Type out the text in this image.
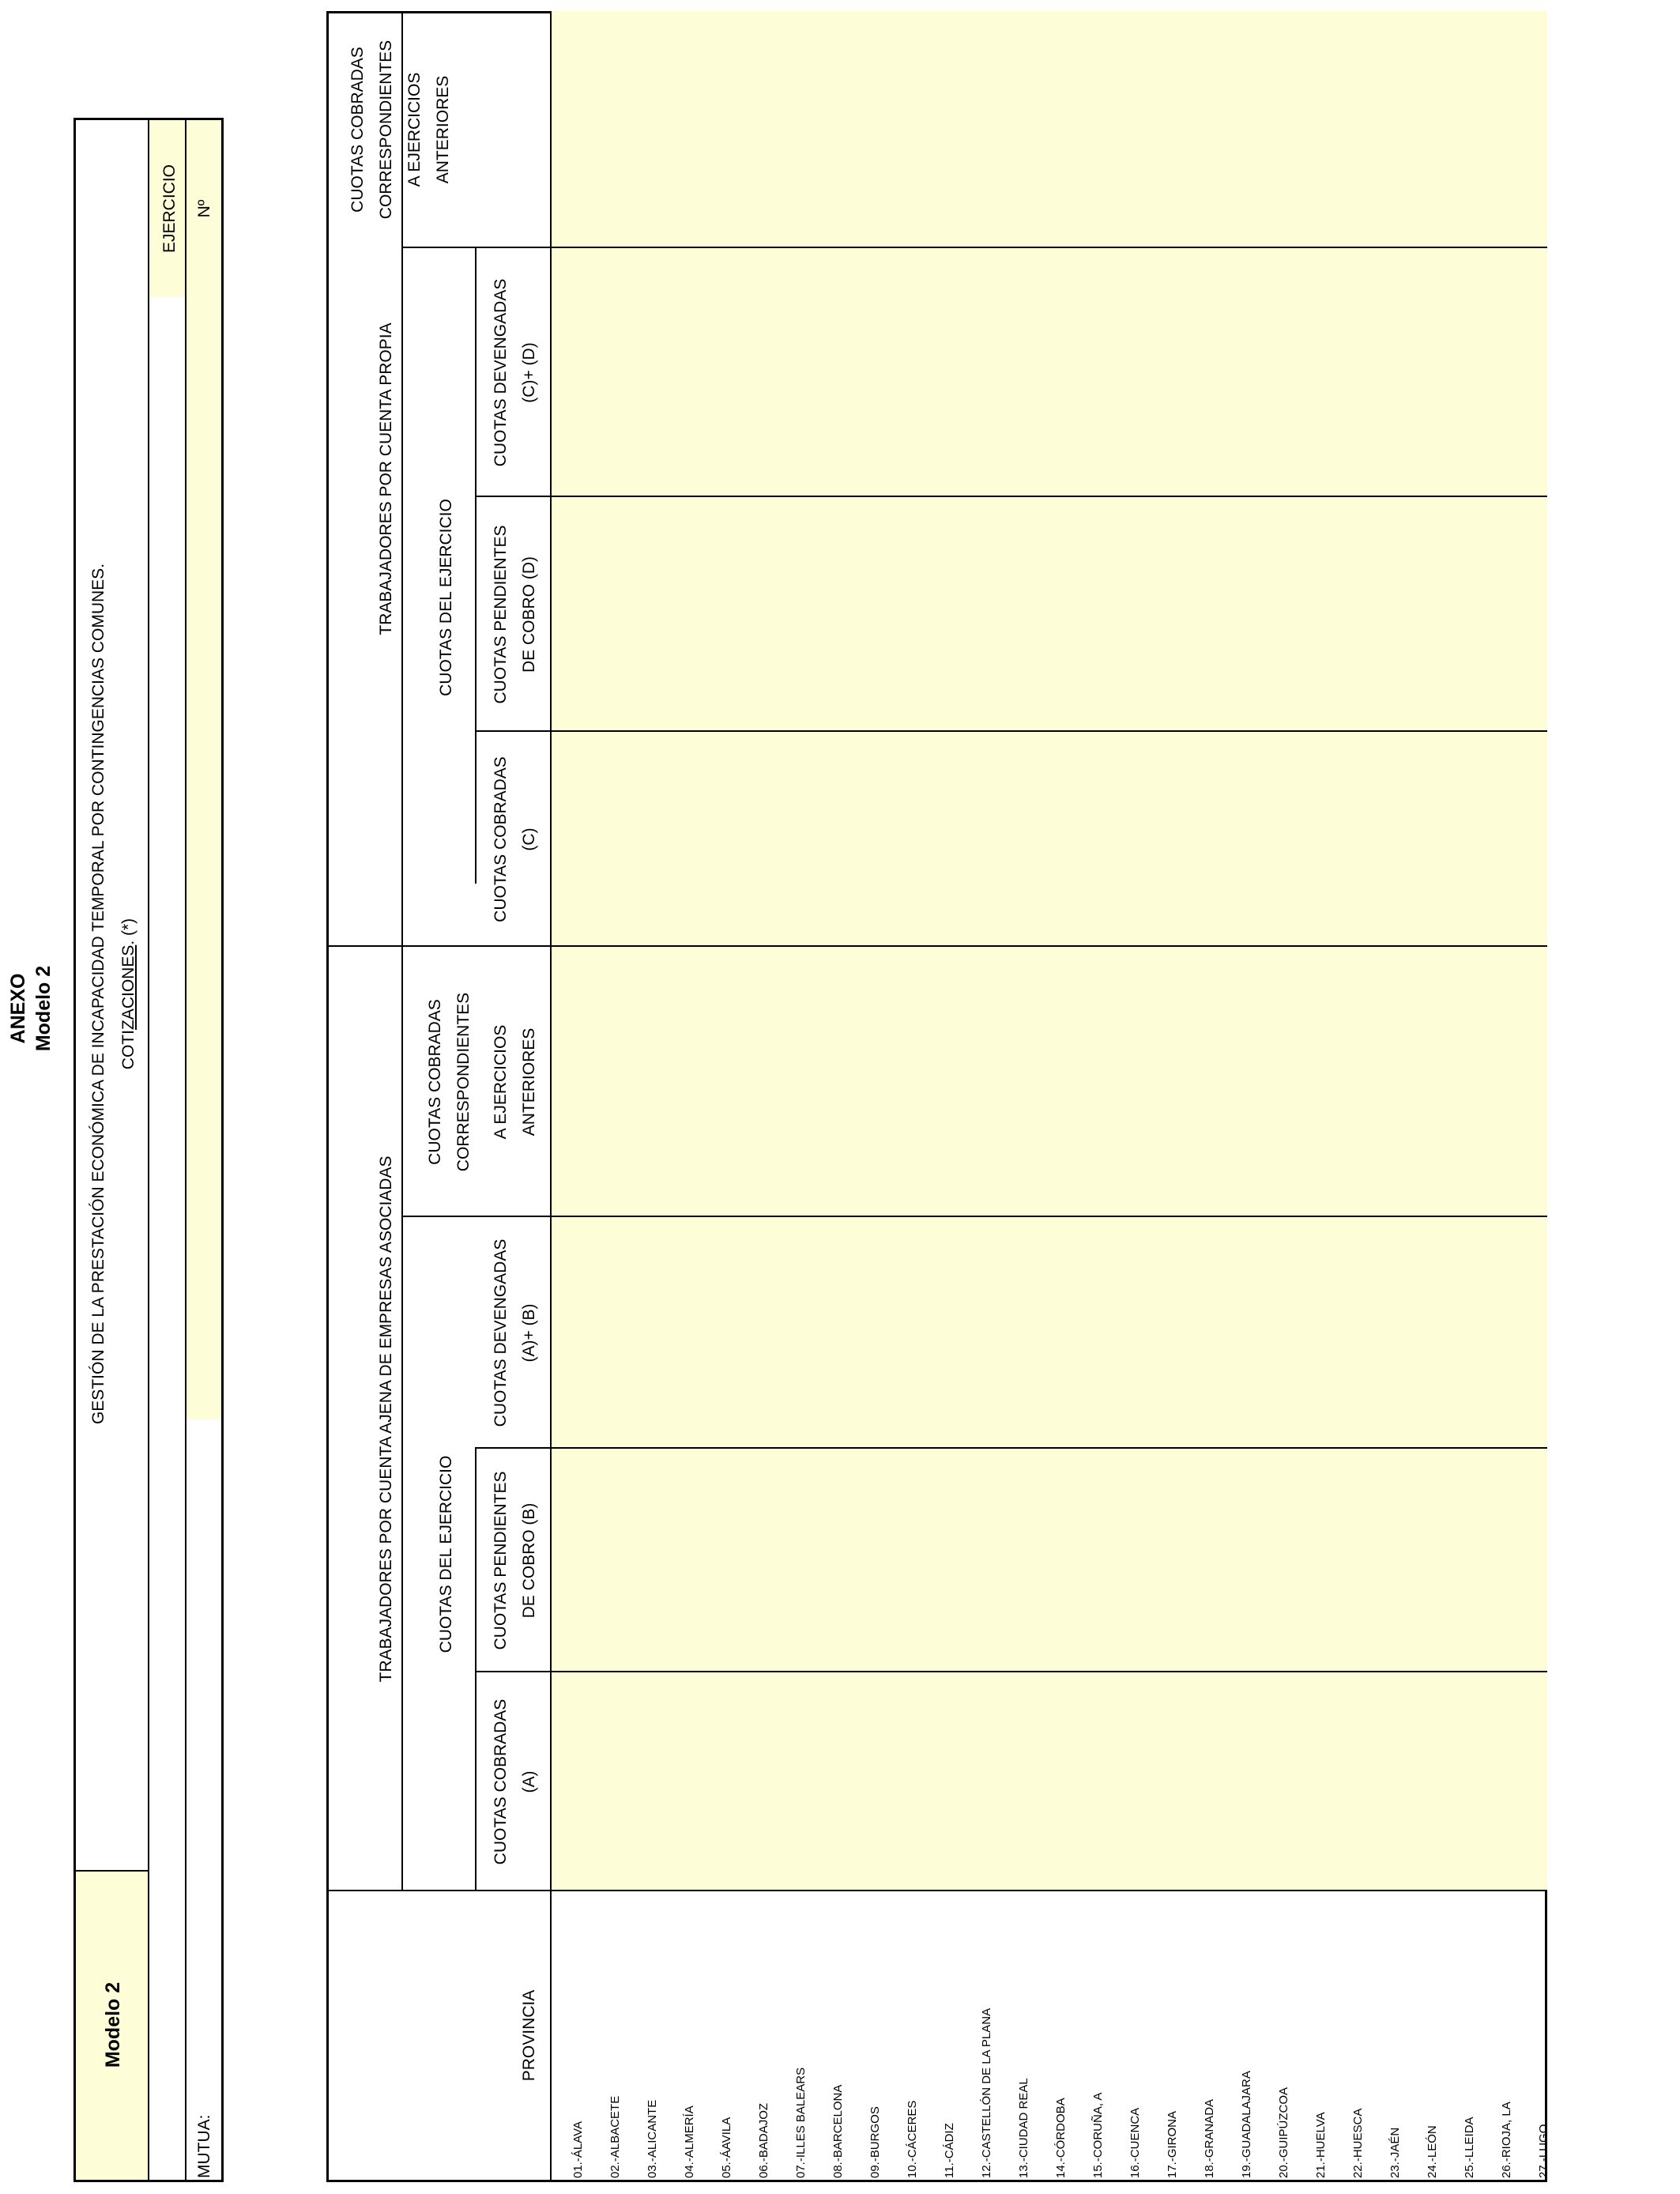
ANEXO Modelo 2
Modelo 2
GESTIÓN DE LA PRESTACIÓN ECONÓMICA DE INCAPACIDAD TEMPORAL POR CONTINGENCIAS COMUNES. COTIZACIONES. (*)
EJERCICIO
MUTUA:
Nº
PROVINCIA
TRABAJADORES POR CUENTA AJENA DE EMPRESAS ASOCIADAS	CUOTAS DEL EJERCICIO
CUOTAS COBRADAS (A)
CUOTAS PENDIENTES DE COBRO (B)
CUOTAS DEVENGADAS (A)+ (B)
CUOTAS COBRADAS CORRESPONDIENTES A EJERCICIOS ANTERIORES
TRABAJADORES POR CUENTA PROPIA	CUOTAS DEL EJERCICIO
CUOTAS COBRADAS (C)
CUOTAS PENDIENTES DE COBRO (D)
CUOTAS DEVENGADAS (C)+ (D)
CUOTAS COBRADAS CORRESPONDIENTES A EJERCICIOS ANTERIORES
01.-ÁLAVA 02.-ALBACETE 03.-ALICANTE 04.-ALMERÍA 05.-ÁAVILA 06.-BADAJOZ 07.-ILLES BALEARS 08.-BARCELONA 09.-BURGOS 10.-CÁCERES 11.-CÁDIZ 12.-CASTELLÓN DE LA PLANA 13.-CIUDAD REAL 14.-CÓRDOBA 15.-CORUÑA, A 16.-CUENCA 17.-GIRONA 18.-GRANADA 19.-GUADALAJARA 20.-GUIPÚZCOA 21.-HUELVA 22.-HUESCA 23.-JAÉN 24.-LEÓN 25.-LLEIDA 26.-RIOJA, LA 27.-LUGO
